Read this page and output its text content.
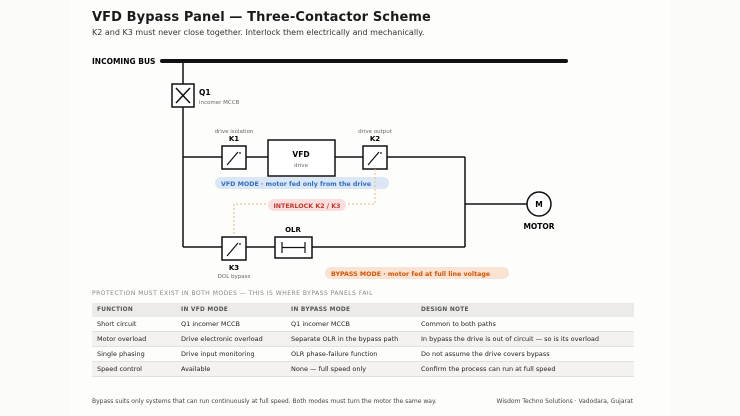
VFD Bypass Panel — Three-Contactor Scheme
K2 and K3 must never close together. Interlock them electrically and mechanically.
INCOMING BUS
Q1
incomer MCCB
drive isolation
K1
VFD
drive
drive output
K2
VFD MODE · motor fed only from the drive
INTERLOCK K2 / K3
OLR
K3
DOL bypass	BYPASS MODE · motor fed at full line voltage
M
MOTOR
PROTECTION MUST EXIST IN BOTH MODES — THIS IS WHERE BYPASS PANELS FAIL
FUNCTION	IN VFD MODE	IN BYPASS MODE	DESIGN NOTE
Short circuit	Q1 incomer MCCB	Q1 incomer MCCB	Common to both paths
Motor overload	Drive electronic overload	Separate OLR in the bypass path	In bypass the drive is out of circuit — so is its overload
Single phasing	Drive input monitoring	OLR phase-failure function	Do not assume the drive covers bypass
Speed control	Available	None — full speed only	Confirm the process can run at full speed
Bypass suits only systems that can run continuously at full speed. Both modes must turn the motor the same way.	Wisdom Techno Solutions · Vadodara, Gujarat
